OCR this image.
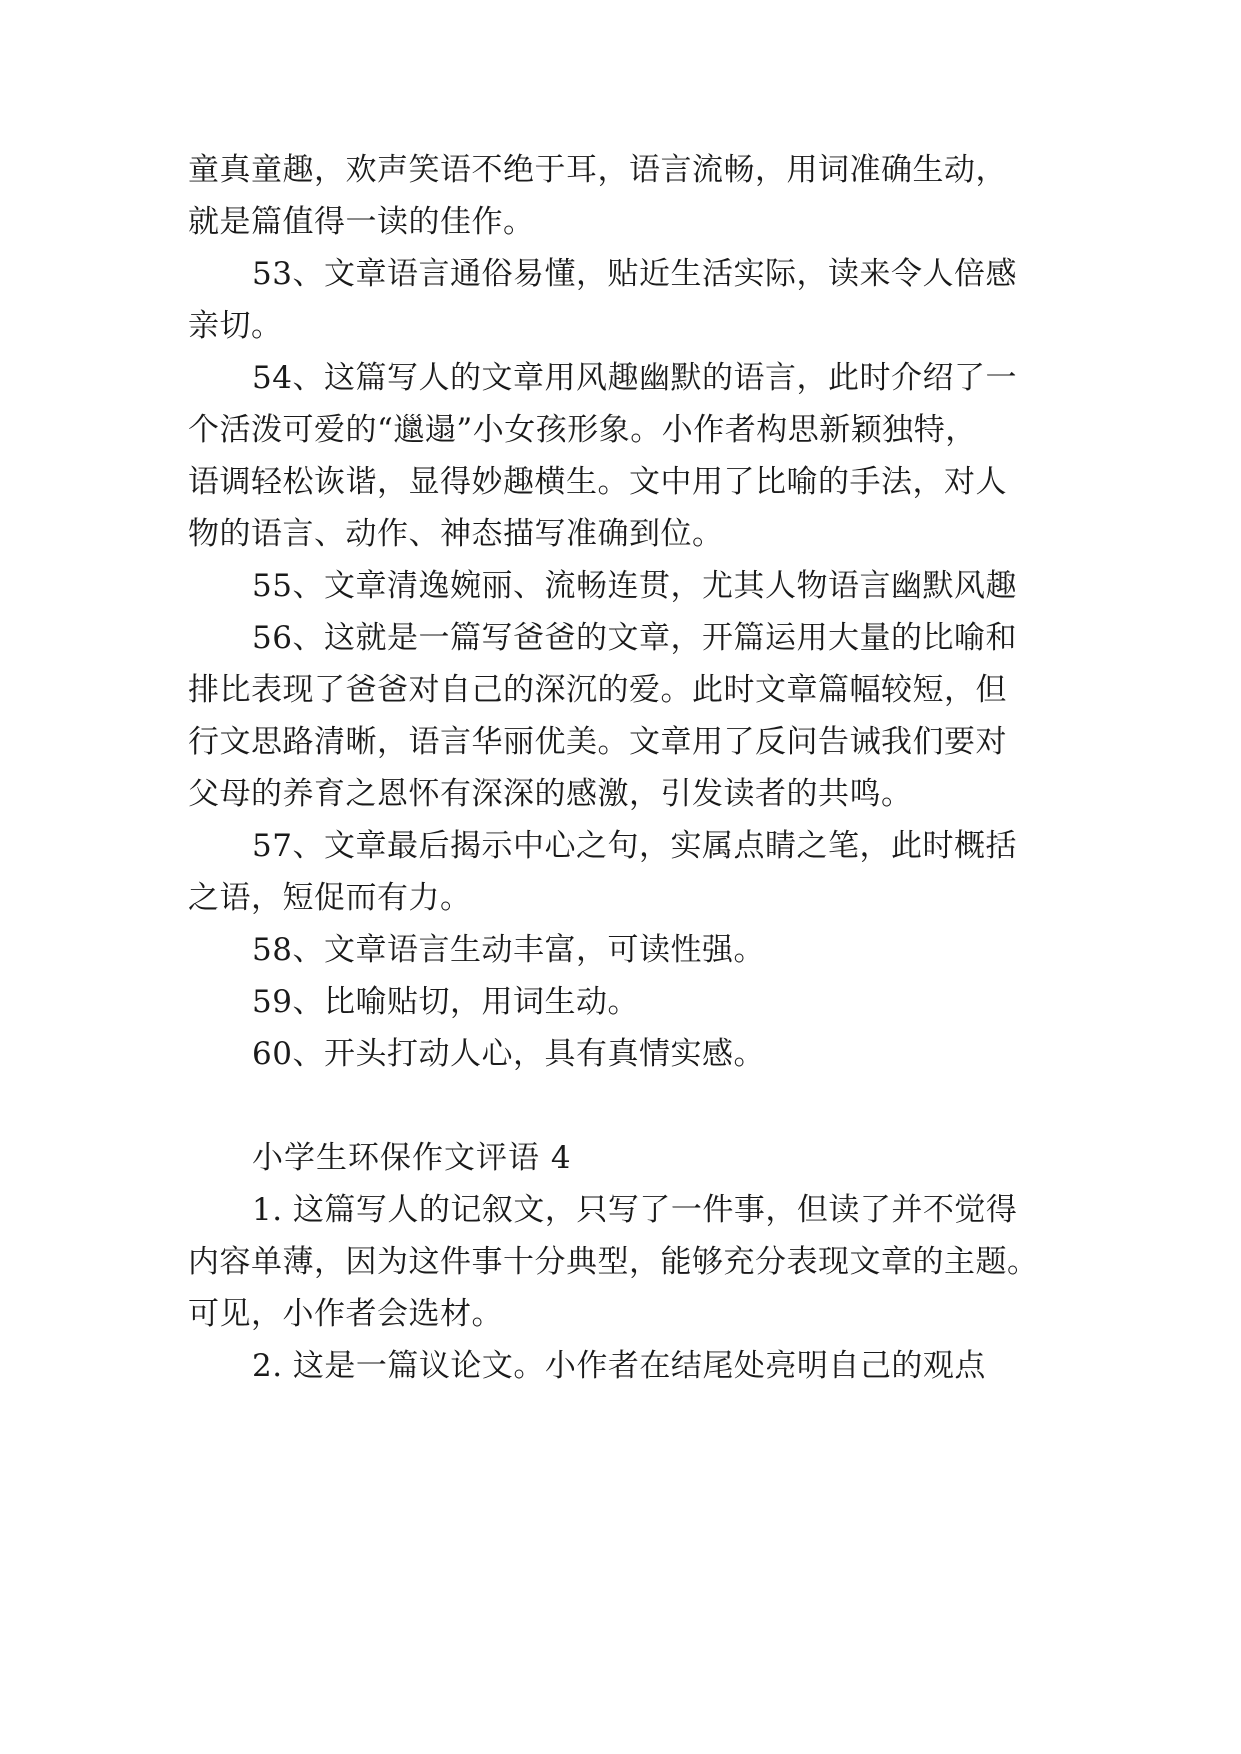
童真童趣，欢声笑语不绝于耳，语言流畅，用词准确生动，
就是篇值得一读的佳作。
53、文章语言通俗易懂，贴近生活实际，读来令人倍感
亲切。
54、这篇写人的文章用风趣幽默的语言，此时介绍了一
个活泼可爱的“邋遢”小女孩形象。小作者构思新颖独特，
语调轻松诙谐，显得妙趣横生。文中用了比喻的手法，对人
物的语言、动作、神态描写准确到位。
55、文章清逸婉丽、流畅连贯，尤其人物语言幽默风趣
56、这就是一篇写爸爸的文章，开篇运用大量的比喻和
排比表现了爸爸对自己的深沉的爱。此时文章篇幅较短，但
行文思路清晰，语言华丽优美。文章用了反问告诫我们要对
父母的养育之恩怀有深深的感激，引发读者的共鸣。
57、文章最后揭示中心之句，实属点睛之笔，此时概括
之语，短促而有力。
58、文章语言生动丰富，可读性强。
59、比喻贴切，用词生动。
60、开头打动人心，具有真情实感。
小学生环保作文评语 4
1. 这篇写人的记叙文，只写了一件事，但读了并不觉得
内容单薄，因为这件事十分典型，能够充分表现文章的主题。
可见，小作者会选材。
2. 这是一篇议论文。小作者在结尾处亮明自己的观点
